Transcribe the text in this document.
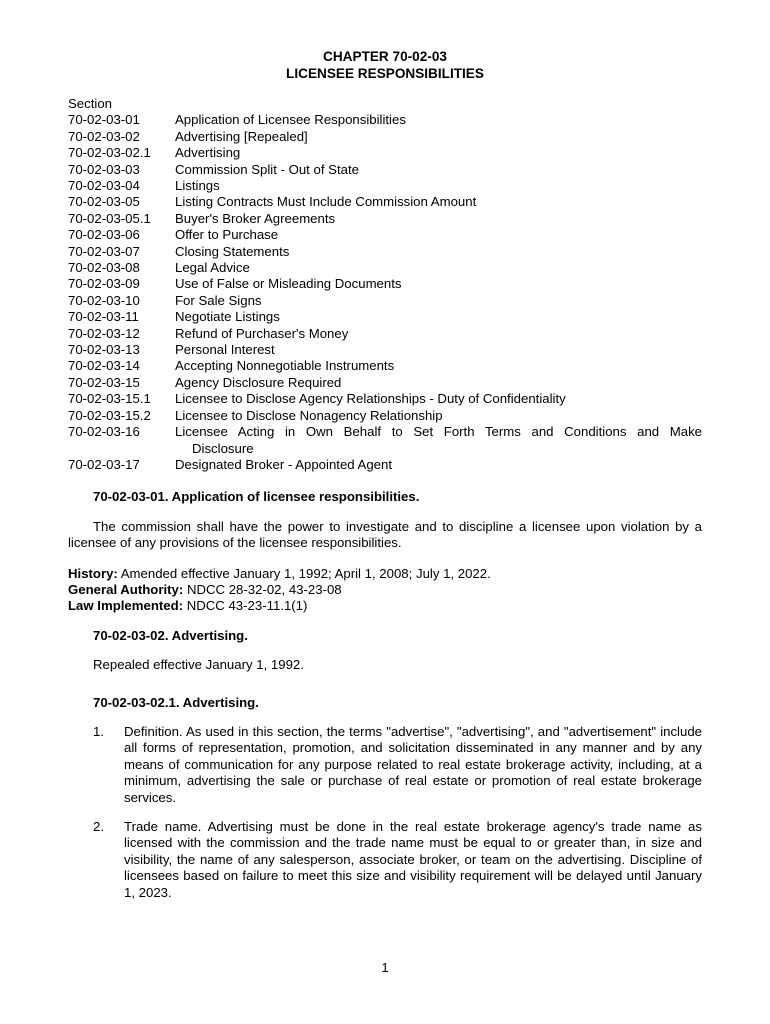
CHAPTER 70-02-03
LICENSEE RESPONSIBILITIES
Section
70-02-03-01	Application of Licensee Responsibilities
70-02-03-02	Advertising [Repealed]
70-02-03-02.1	Advertising
70-02-03-03	Commission Split - Out of State
70-02-03-04	Listings
70-02-03-05	Listing Contracts Must Include Commission Amount
70-02-03-05.1	Buyer's Broker Agreements
70-02-03-06	Offer to Purchase
70-02-03-07	Closing Statements
70-02-03-08	Legal Advice
70-02-03-09	Use of False or Misleading Documents
70-02-03-10	For Sale Signs
70-02-03-11	Negotiate Listings
70-02-03-12	Refund of Purchaser's Money
70-02-03-13	Personal Interest
70-02-03-14	Accepting Nonnegotiable Instruments
70-02-03-15	Agency Disclosure Required
70-02-03-15.1	Licensee to Disclose Agency Relationships - Duty of Confidentiality
70-02-03-15.2	Licensee to Disclose Nonagency Relationship
70-02-03-16	Licensee Acting in Own Behalf to Set Forth Terms and Conditions and Make
Disclosure
70-02-03-17	Designated Broker - Appointed Agent
70-02-03-01. Application of licensee responsibilities.
The commission shall have the power to investigate and to discipline a licensee upon violation by a licensee of any provisions of the licensee responsibilities.
History: Amended effective January 1, 1992; April 1, 2008; July 1, 2022.
General Authority: NDCC 28-32-02, 43-23-08
Law Implemented: NDCC 43-23-11.1(1)
70-02-03-02. Advertising.
Repealed effective January 1, 1992.
70-02-03-02.1. Advertising.
1.	Definition. As used in this section, the terms "advertise", "advertising", and "advertisement" include all forms of representation, promotion, and solicitation disseminated in any manner and by any means of communication for any purpose related to real estate brokerage activity, including, at a minimum, advertising the sale or purchase of real estate or promotion of real estate brokerage services.
2.	Trade name. Advertising must be done in the real estate brokerage agency's trade name as licensed with the commission and the trade name must be equal to or greater than, in size and visibility, the name of any salesperson, associate broker, or team on the advertising. Discipline of licensees based on failure to meet this size and visibility requirement will be delayed until January 1, 2023.
1
